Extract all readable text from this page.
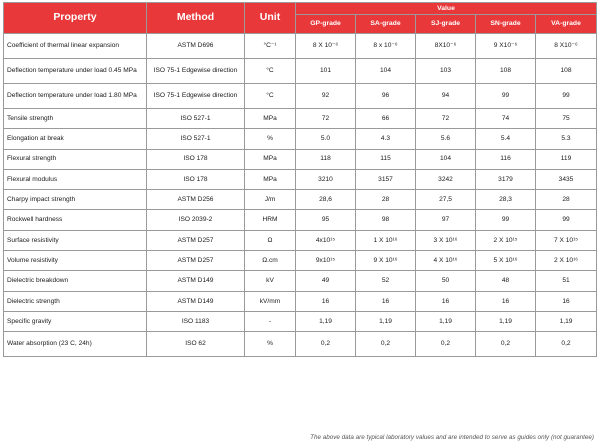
Property	Method	Unit	Value				
			GP-grade	SA-grade	SJ-grade	SN-grade	VA-grade
Coefficient of thermal linear expansion	ASTM D696	°C⁻¹	8 X 10⁻⁶	8 x 10⁻⁶	8X10⁻⁶	9 X10⁻⁶	8 X10⁻⁶
Deflection temperature under load 0.45 MPa	ISO 75-1 Edgewise direction	°C	101	104	103	108	108
Deflection temperature under load 1.80 MPa	ISO 75-1 Edgewise direction	°C	92	96	94	99	99
Tensile strength	ISO 527-1	MPa	72	66	72	74	75
Elongation at break	ISO 527-1	%	5.0	4.3	5.6	5.4	5.3
Flexural strength	ISO 178	MPa	118	115	104	116	119
Flexural modulus	ISO 178	MPa	3210	3157	3242	3179	3435
Charpy impact strength	ASTM D256	J/m	28,6	28	27,5	28,3	28
Rockwell hardness	ISO 2039-2	HRM	95	98	97	99	99
Surface resistivity	ASTM D257	Ω	4x10¹⁵	1 X 10¹⁶	3 X 10¹⁶	2 X 10¹⁵	7 X 10¹⁵
Volume resistivity	ASTM D257	Ω.cm	9x10¹⁵	9 X 10¹⁶	4 X 10¹⁶	5 X 10¹⁶	2 X 10¹⁶
Dielectric breakdown	ASTM D149	kV	49	52	50	48	51
Dielectric strength	ASTM D149	kV/mm	16	16	16	16	16
Specific gravity	ISO 1183	-	1,19	1,19	1,19	1,19	1,19
Water absorption (23 C, 24h)	ISO 62	%	0,2	0,2	0,2	0,2	0,2
The above data are typical laboratory values and are intended to serve as guides only (not guarantee)
